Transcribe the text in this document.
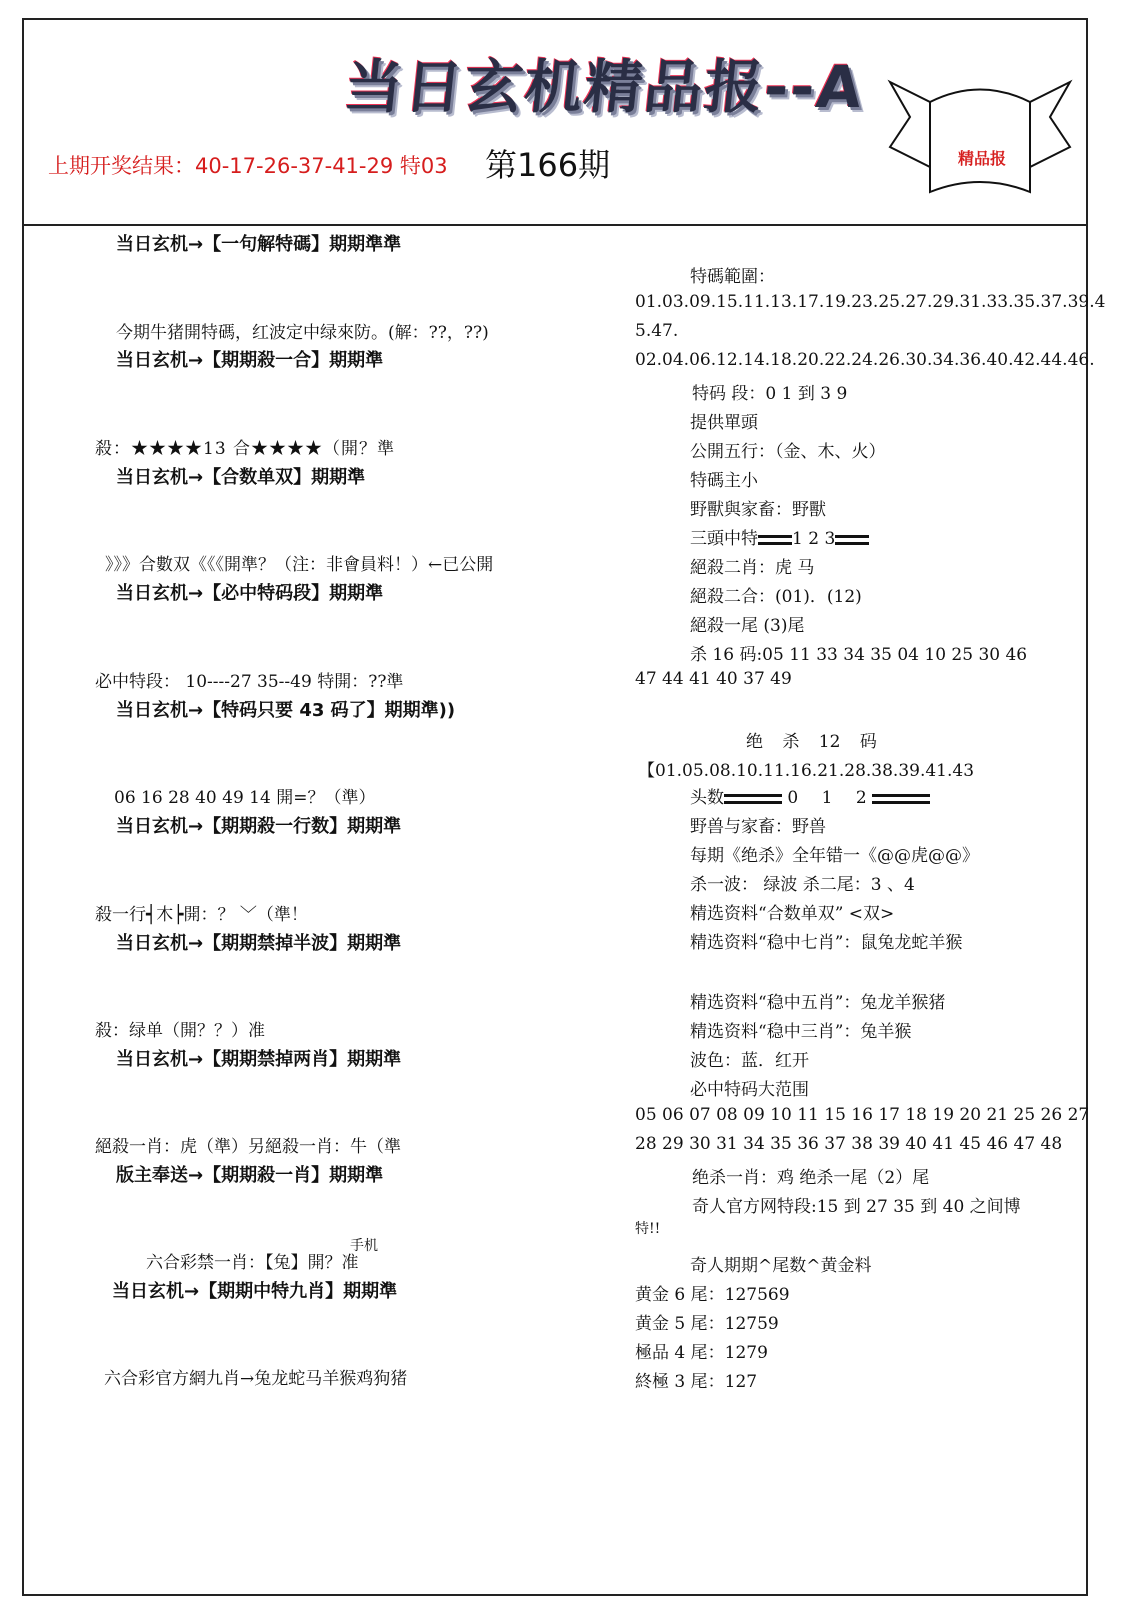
当日玄机精品报--A
上期开奖结果：40-17-26-37-41-29 特03 第166期	精品报
当日玄机→【一句解特碼】期期準準
今期牛猪開特碼，红波定中绿來防。(解：??，??)
当日玄机→【期期殺一合】期期準
殺：★★★★13 合★★★★（開？準
当日玄机→【合数单双】期期準
》》》合數双《《《開準？（注：非會員料！）←已公開
当日玄机→【必中特码段】期期準
必中特段： 10----27 35--49 特開：??準
当日玄机→【特码只要 43 码了】期期準))
06 16 28 40 49 14 開=？（準）
当日玄机→【期期殺一行数】期期準
殺一行┥木┝開：？ ﹀（準！
当日玄机→【期期禁掉半波】期期準
殺：绿单（開？？）准
当日玄机→【期期禁掉两肖】期期準
絕殺一肖：虎（準）另絕殺一肖：牛（準
版主奉送→【期期殺一肖】期期準
手机
六合彩禁一肖：【兔】開？准
当日玄机→【期期中特九肖】期期準
六合彩官方網九肖→兔龙蛇马羊猴鸡狗猪
特碼範圍：
01.03.09.15.11.13.17.19.23.25.27.29.31.33.35.37.39.4
5.47.
02.04.06.12.14.18.20.22.24.26.30.34.36.40.42.44.46.
特码 段：0 1 到 3 9
提供單頭
公開五行：（金、木、火）
特碼主小
野獸與家畜：野獸
三頭中特 1 2 3
絕殺二肖：虎 马
絕殺二合：(01)．(12)
絕殺一尾 (3)尾
杀 16 码:05 11 33 34 35 04 10 25 30 46
47 44 41 40 37 49
绝 杀 12 码
【01.05.08.10.11.16.21.28.38.39.41.43
头数	0 1 2
野兽与家畜：野兽
每期《绝杀》全年错一《@@虎@@》
杀一波： 绿波 杀二尾：3 、4
精选资料“合数单双” <双>
精选资料“稳中七肖”：鼠兔龙蛇羊猴
精选资料“稳中五肖”：兔龙羊猴猪
精选资料“稳中三肖”：兔羊猴
波色：蓝．红开
必中特码大范围
05 06 07 08 09 10 11 15 16 17 18 19 20 21 25 26 27
28 29 30 31 34 35 36 37 38 39 40 41 45 46 47 48
绝杀一肖：鸡 绝杀一尾（2）尾
奇人官方网特段:15 到 27 35 到 40 之间博
特!!
奇人期期^尾数^黄金料
黄金 6 尾：127569
黄金 5 尾：12759
極品 4 尾：1279
終極 3 尾：127
